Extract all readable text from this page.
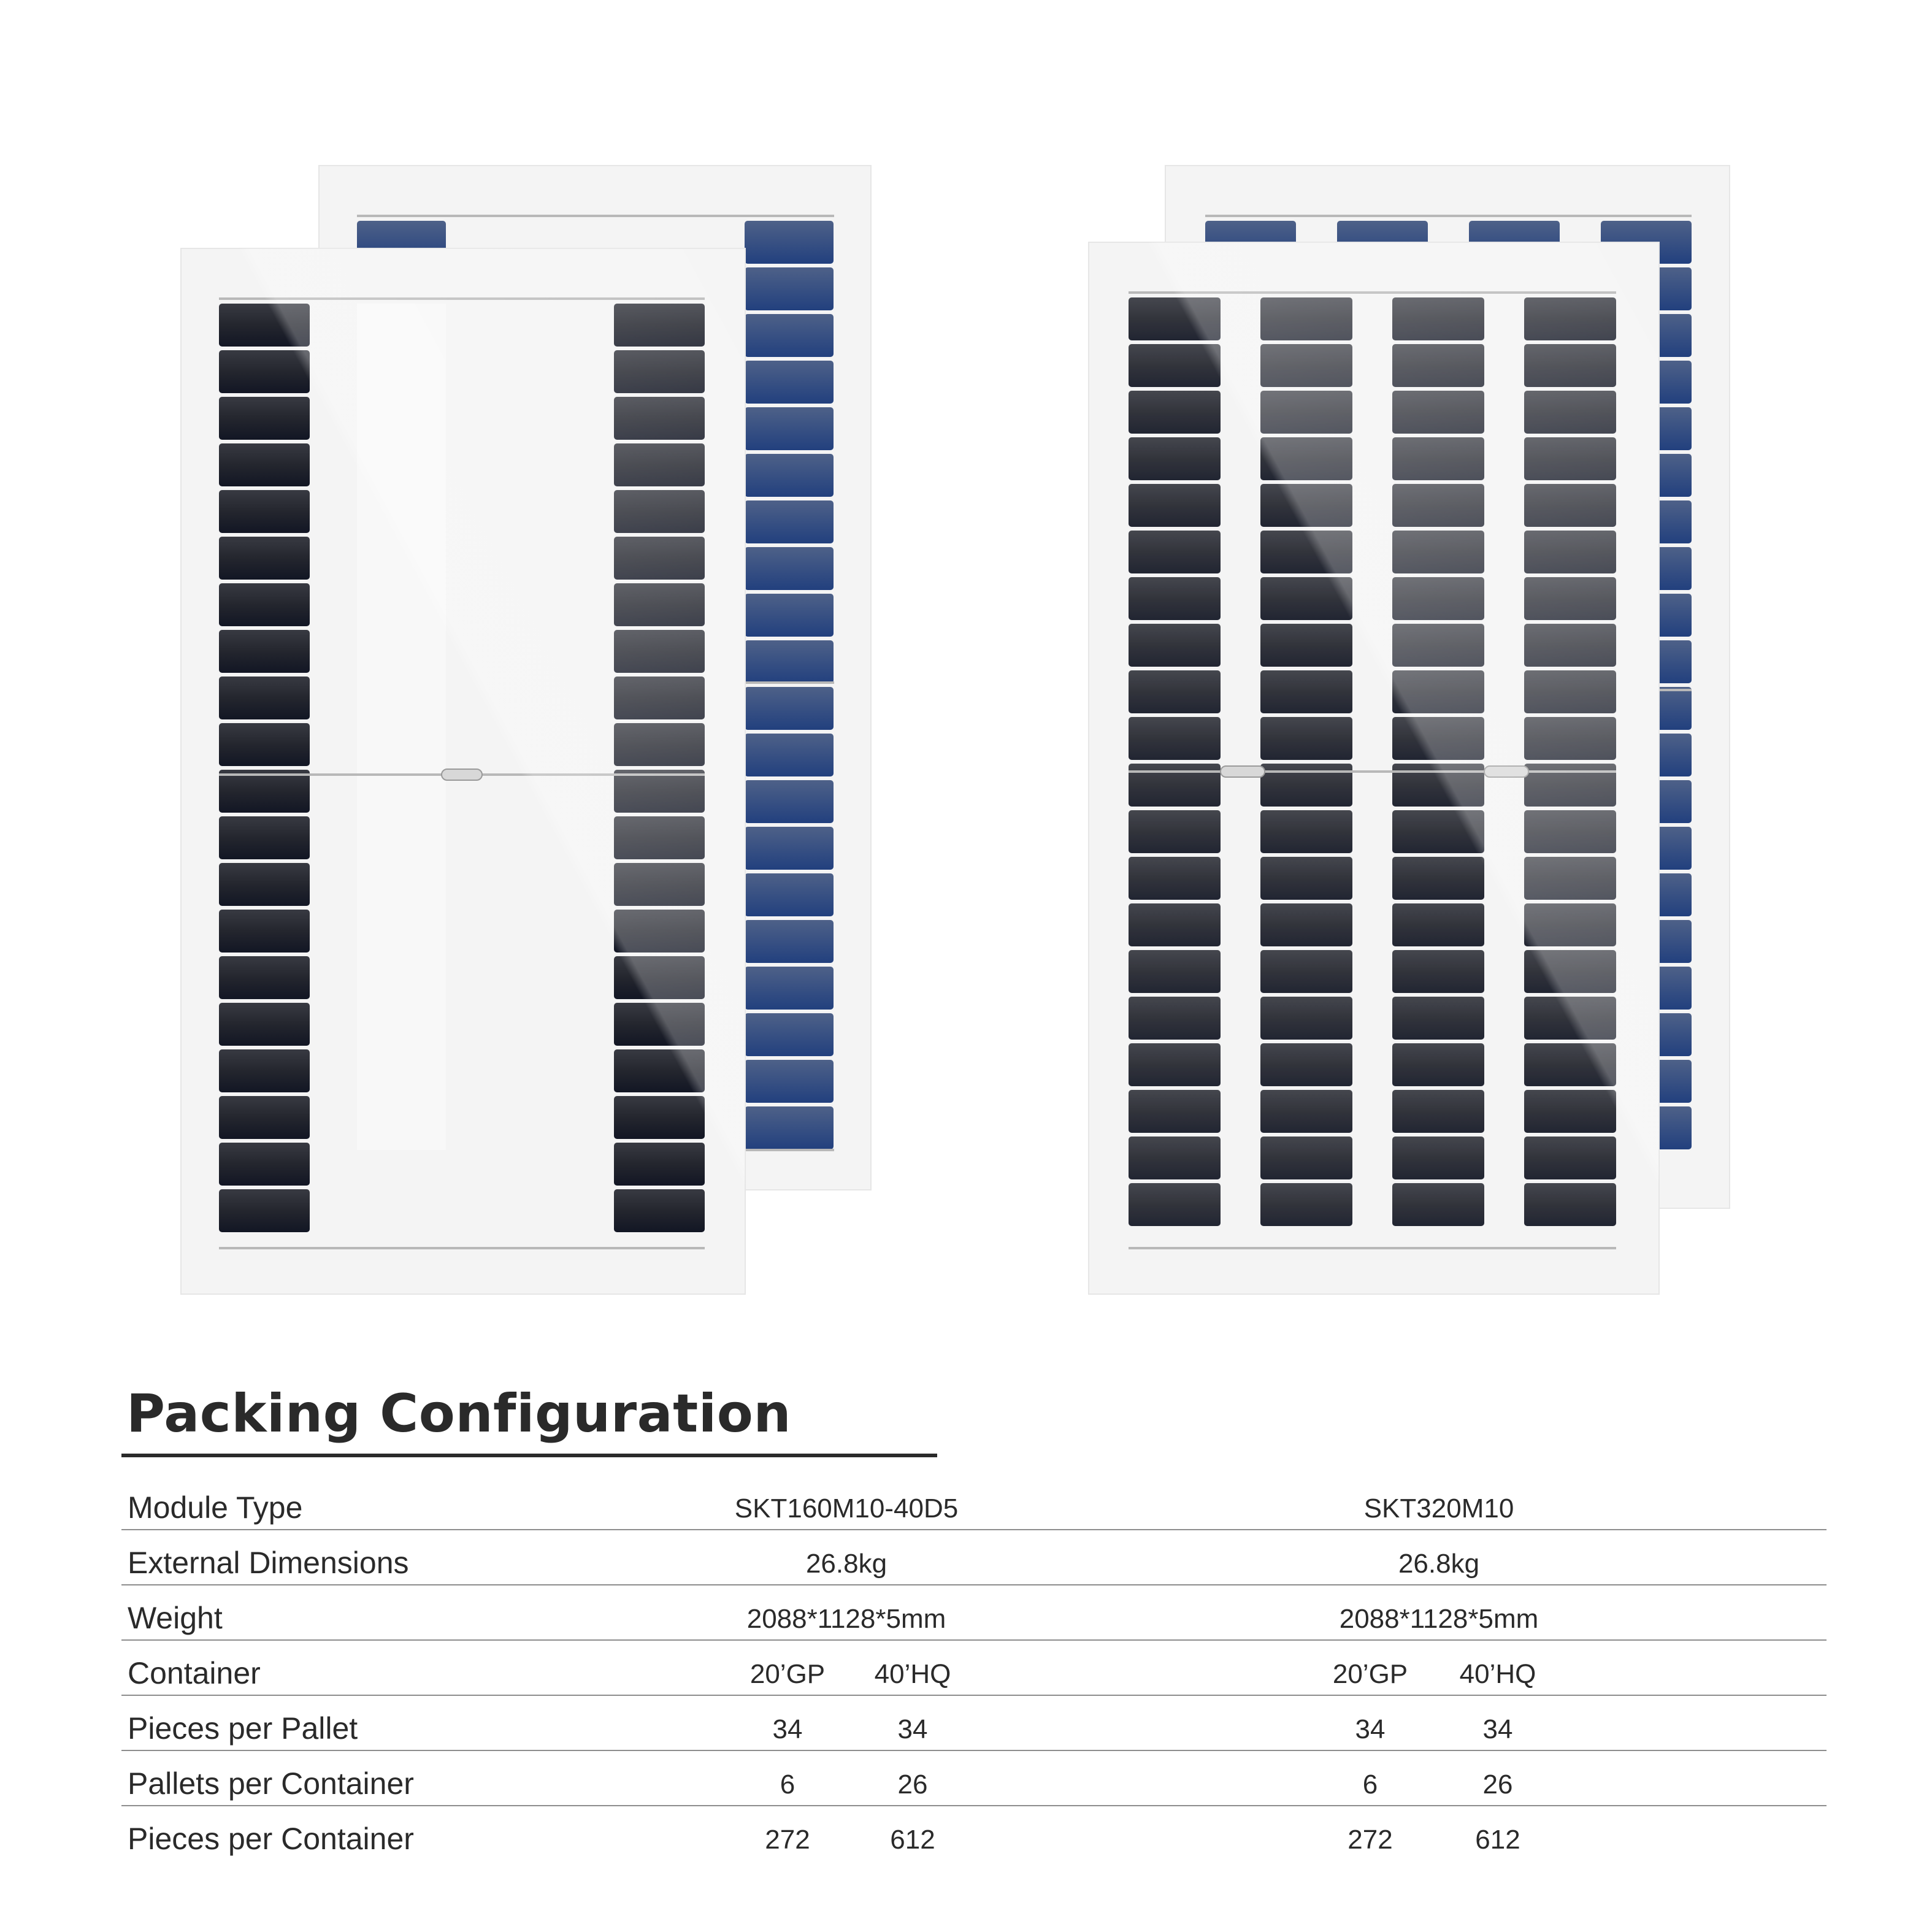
Packing Configuration
Module Type	SKT160M10-40D5	SKT320M10
External Dimensions	26.8kg	26.8kg
Weight	2088*1128*5mm	2088*1128*5mm
Container	20’GP 40’HQ	20’GP 40’HQ
Pieces per Pallet	34	34	34	34
Pallets per Container	6	26	6	26
Pieces per Container	272	612	272	612
